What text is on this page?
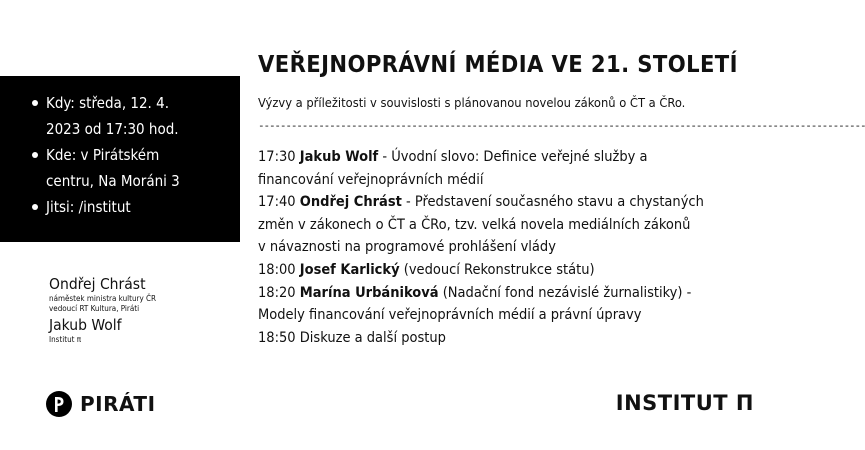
Kdy: středa, 12. 4.
2023 od 17:30 hod.
Kde: v Pirátském
centru, Na Moráni 3
Jitsi: /institut
Ondřej Chrást
náměstek ministra kultury ČR
vedoucí RT Kultura, Piráti
Jakub Wolf
Institut π
PIRÁTI
VEŘEJNOPRÁVNÍ MÉDIA VE 21. STOLETÍ
Výzvy a příležitosti v souvislosti s plánovanou novelou zákonů o ČT a ČRo.
---------------------------------------------------------------------------------------------------------------

17:30 Jakub Wolf - Úvodní slovo: Definice veřejné služby a
financování veřejnoprávních médií

17:40 Ondřej Chrást - Představení současného stavu a chystaných
změn v zákonech o ČT a ČRo, tzv. velká novela mediálních zákonů
v návaznosti na programové prohlášení vlády

18:00 Josef Karlický (vedoucí Rekonstrukce státu)

18:20 Marína Urbániková (Nadační fond nezávislé žurnalistiky) -
Modely financování veřejnoprávních médií a právní úpravy

18:50 Diskuze a další postup

INSTITUT Π
